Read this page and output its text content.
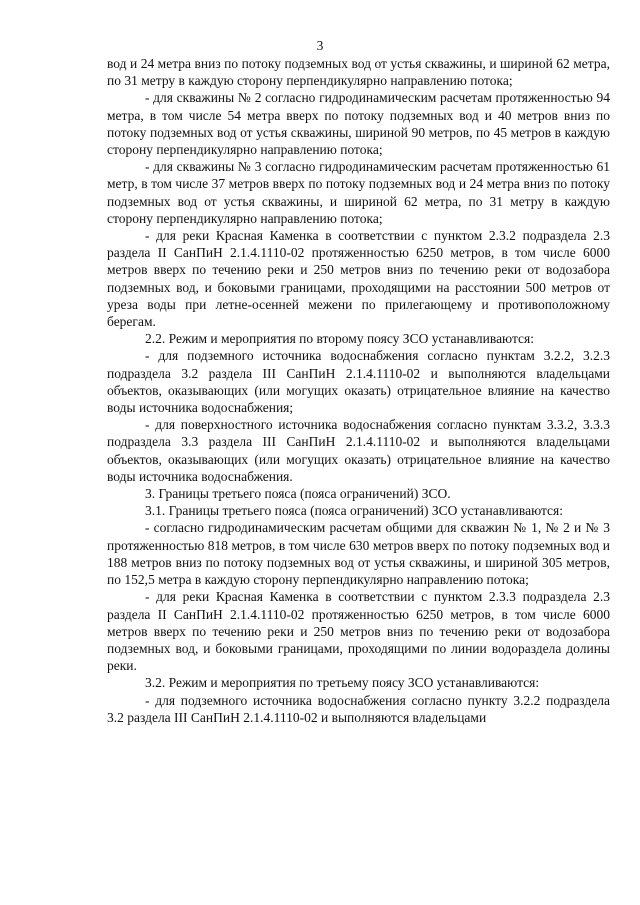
3

вод и 24 метра вниз по потоку подземных вод от устья скважины, и шириной 62 метра, по 31 метру в каждую сторону перпендикулярно направлению потока;

- для скважины № 2 согласно гидродинамическим расчетам протяженностью 94 метра, в том числе 54 метра вверх по потоку подземных вод и 40 метров вниз по потоку подземных вод от устья скважины, шириной 90 метров, по 45 метров в каждую сторону перпендикулярно направлению потока;

- для скважины № 3 согласно гидродинамическим расчетам протяженностью 61 метр, в том числе 37 метров вверх по потоку подземных вод и 24 метра вниз по потоку подземных вод от устья скважины, и шириной 62 метра, по 31 метру в каждую сторону перпендикулярно направлению потока;

- для реки Красная Каменка в соответствии с пунктом 2.3.2 подраздела 2.3 раздела II СанПиН 2.1.4.1110-02 протяженностью 6250 метров, в том числе 6000 метров вверх по течению реки и 250 метров вниз по течению реки от водозабора подземных вод, и боковыми границами, проходящими на расстоянии 500 метров от уреза воды при летне-осенней межени по прилегающему и противоположному берегам.

2.2. Режим и мероприятия по второму поясу ЗСО устанавливаются:

- для подземного источника водоснабжения согласно пунктам 3.2.2, 3.2.3 подраздела 3.2 раздела III СанПиН 2.1.4.1110-02 и выполняются владельцами объектов, оказывающих (или могущих оказать) отрицательное влияние на качество воды источника водоснабжения;

- для поверхностного источника водоснабжения согласно пунктам 3.3.2, 3.3.3 подраздела 3.3 раздела III СанПиН 2.1.4.1110-02 и выполняются владельцами объектов, оказывающих (или могущих оказать) отрицательное влияние на качество воды источника водоснабжения.

3. Границы третьего пояса (пояса ограничений) ЗСО.

3.1. Границы третьего пояса (пояса ограничений) ЗСО устанавливаются:

- согласно гидродинамическим расчетам общими для скважин № 1, № 2 и № 3 протяженностью 818 метров, в том числе 630 метров вверх по потоку подземных вод и 188 метров вниз по потоку подземных вод от устья скважины, и шириной 305 метров, по 152,5 метра в каждую сторону перпендикулярно направлению потока;

- для реки Красная Каменка в соответствии с пунктом 2.3.3 подраздела 2.3 раздела II СанПиН 2.1.4.1110-02 протяженностью 6250 метров, в том числе 6000 метров вверх по течению реки и 250 метров вниз по течению реки от водозабора подземных вод, и боковыми границами, проходящими по линии водораздела долины реки.

3.2. Режим и мероприятия по третьему поясу ЗСО устанавливаются:

- для подземного источника водоснабжения согласно пункту 3.2.2 подраздела 3.2 раздела III СанПиН 2.1.4.1110-02 и выполняются владельцами
